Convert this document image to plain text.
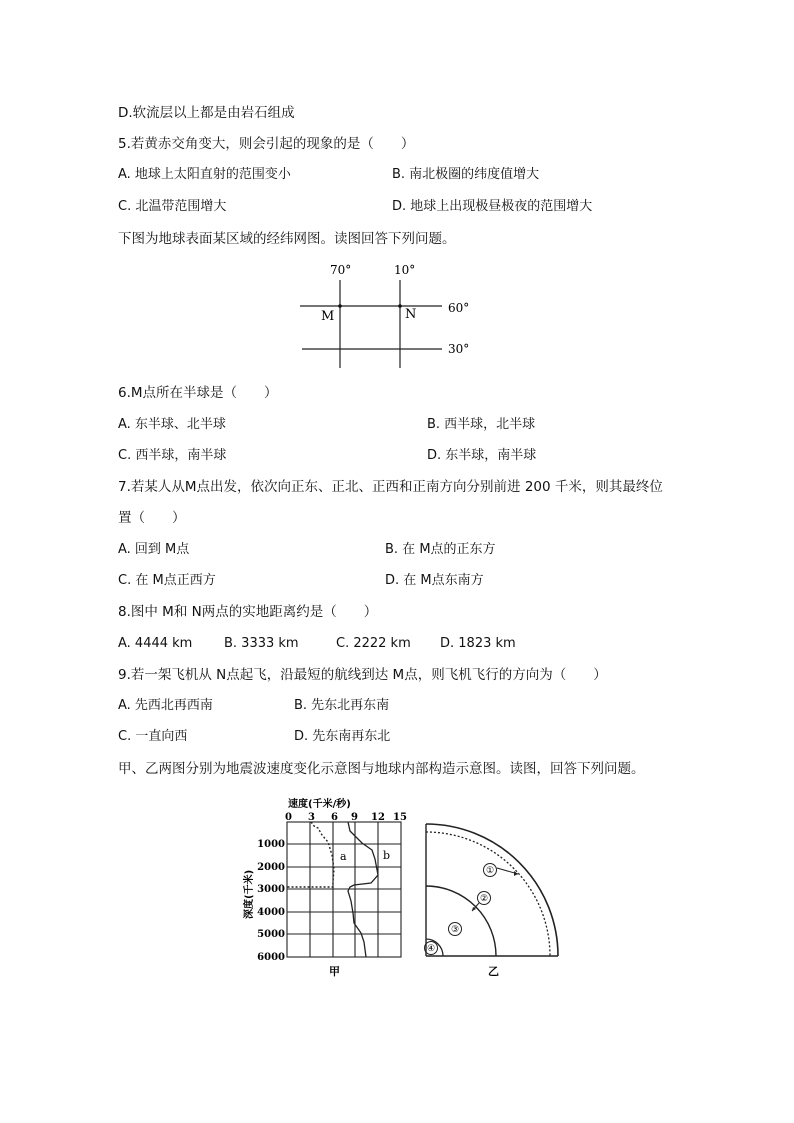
D.软流层以上都是由岩石组成
5.若黄赤交角变大，则会引起的现象的是（　　）
A. 地球上太阳直射的范围变小	B. 南北极圈的纬度值增大
C. 北温带范围增大	D. 地球上出现极昼极夜的范围增大
下图为地球表面某区域的经纬网图。读图回答下列问题。
70°	10°
60°
30°
M	N
6.M点所在半球是（　　）
A. 东半球、北半球	B. 西半球，北半球
C. 西半球，南半球	D. 东半球，南半球
7.若某人从M点出发，依次向正东、正北、正西和正南方向分别前进 200 千米，则其最终位
置（　　）
A. 回到 M点	B. 在 M点的正东方
C. 在 M点正西方	D. 在 M点东南方
8.图中 M和 N两点的实地距离约是（　　）
A. 4444 km B. 3333 km	C. 2222 km D. 1823 km
9.若一架飞机从 N点起飞，沿最短的航线到达 M点，则飞机飞行的方向为（　　）
A. 先西北再西南	B. 先东北再东南
C. 一直向西	D. 先东南再东北
甲、乙两图分别为地震波速度变化示意图与地球内部构造示意图。读图，回答下列问题。
速度(千米/秒)
0 3 6 9 12 15
1000
2000
3000
4000
5000
6000
深度(千米)
a	b
甲
①
②
③
④
乙
